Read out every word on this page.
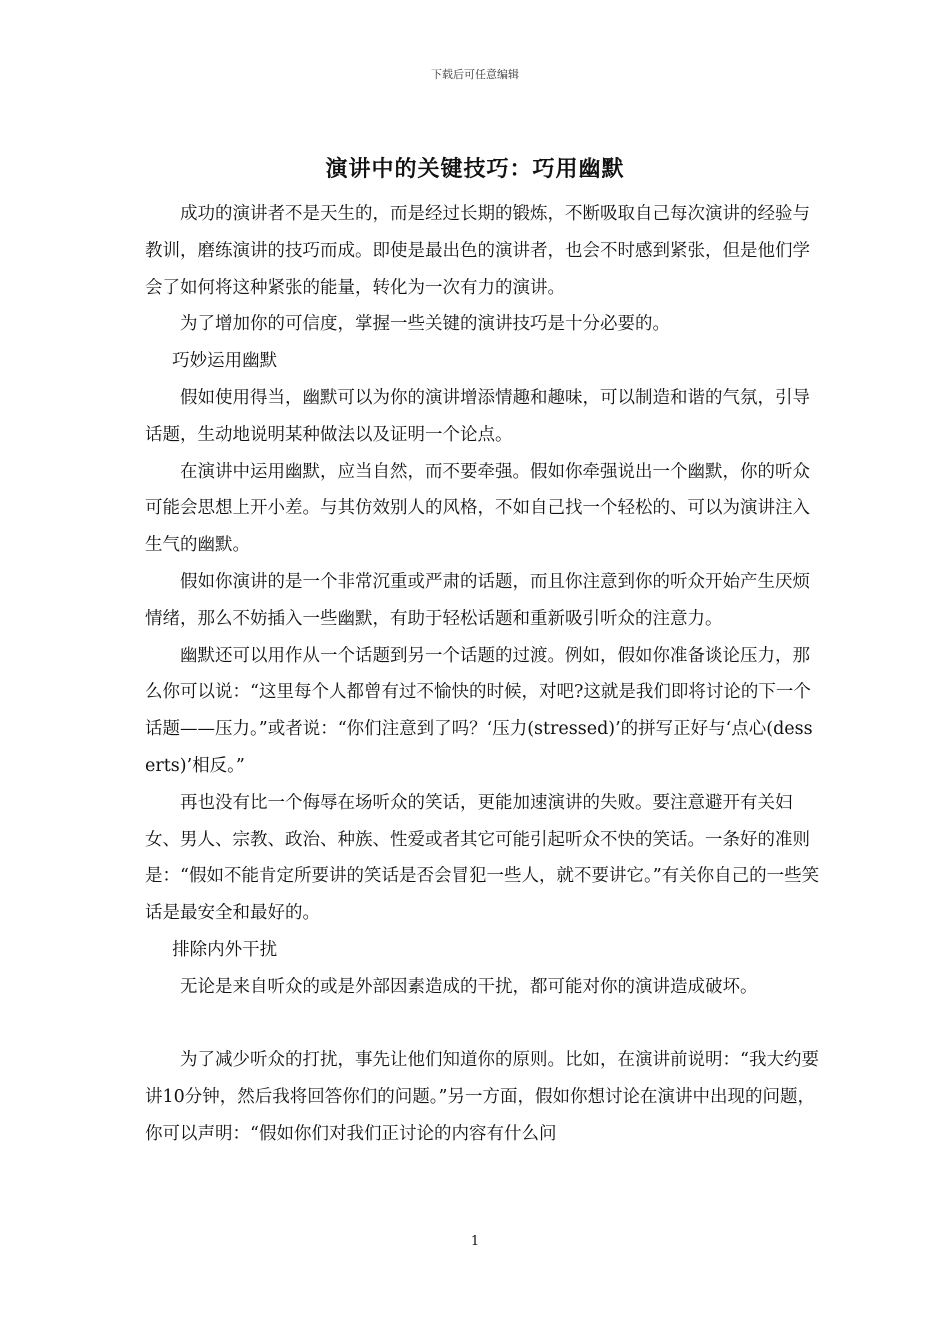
下载后可任意编辑
演讲中的关键技巧：巧用幽默

成功的演讲者不是天生的，而是经过长期的锻炼，不断吸取自己每次演讲的经验与教训，磨练演讲的技巧而成。即使是最出色的演讲者，也会不时感到紧张，但是他们学会了如何将这种紧张的能量，转化为一次有力的演讲。

为了增加你的可信度，掌握一些关键的演讲技巧是十分必要的。

巧妙运用幽默

假如使用得当，幽默可以为你的演讲增添情趣和趣味，可以制造和谐的气氛，引导话题，生动地说明某种做法以及证明一个论点。

在演讲中运用幽默，应当自然，而不要牵强。假如你牵强说出一个幽默，你的听众可能会思想上开小差。与其仿效别人的风格，不如自己找一个轻松的、可以为演讲注入生气的幽默。

假如你演讲的是一个非常沉重或严肃的话题，而且你注意到你的听众开始产生厌烦情绪，那么不妨插入一些幽默，有助于轻松话题和重新吸引听众的注意力。

幽默还可以用作从一个话题到另一个话题的过渡。例如，假如你准备谈论压力，那么你可以说：“这里每个人都曾有过不愉快的时候，对吧?这就是我们即将讨论的下一个话题——压力。”或者说：“你们注意到了吗？‘压力(stressed)’的拼写正好与‘点心(desserts)’相反。”

再也没有比一个侮辱在场听众的笑话，更能加速演讲的失败。要注意避开有关妇女、男人、宗教、政治、种族、性爱或者其它可能引起听众不快的笑话。一条好的准则是：“假如不能肯定所要讲的笑话是否会冒犯一些人，就不要讲它。”有关你自己的一些笑话是最安全和最好的。

排除内外干扰

无论是来自听众的或是外部因素造成的干扰，都可能对你的演讲造成破坏。

为了减少听众的打扰，事先让他们知道你的原则。比如，在演讲前说明：“我大约要讲10分钟，然后我将回答你们的问题。”另一方面，假如你想讨论在演讲中出现的问题，你可以声明：“假如你们对我们正讨论的内容有什么问

1
